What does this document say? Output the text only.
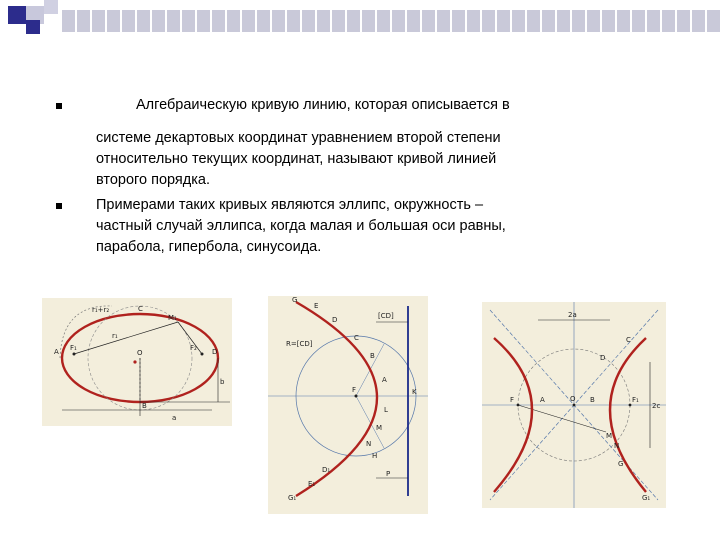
Алгебраическую кривую линию, которая описывается в
системе декартовых координат уравнением второй степени
относительно текущих координат, называют кривой линией
второго порядка.
Примерами таких кривых являются эллипс, окружность –
частный случай эллипса, когда малая и большая оси равны,
парабола, гипербола, синусоида.
C
M₁
A F₁
O
F₂ D
B
r₁
a
b
r₁+r₂
G
E
D
C
B
A
F	K
L
M
N
H
G₁
D₁
E₁
R=[CD]
[CD]
P
F	A	O B	F₁
C
D
M
N
G
G₁
2a
2c
